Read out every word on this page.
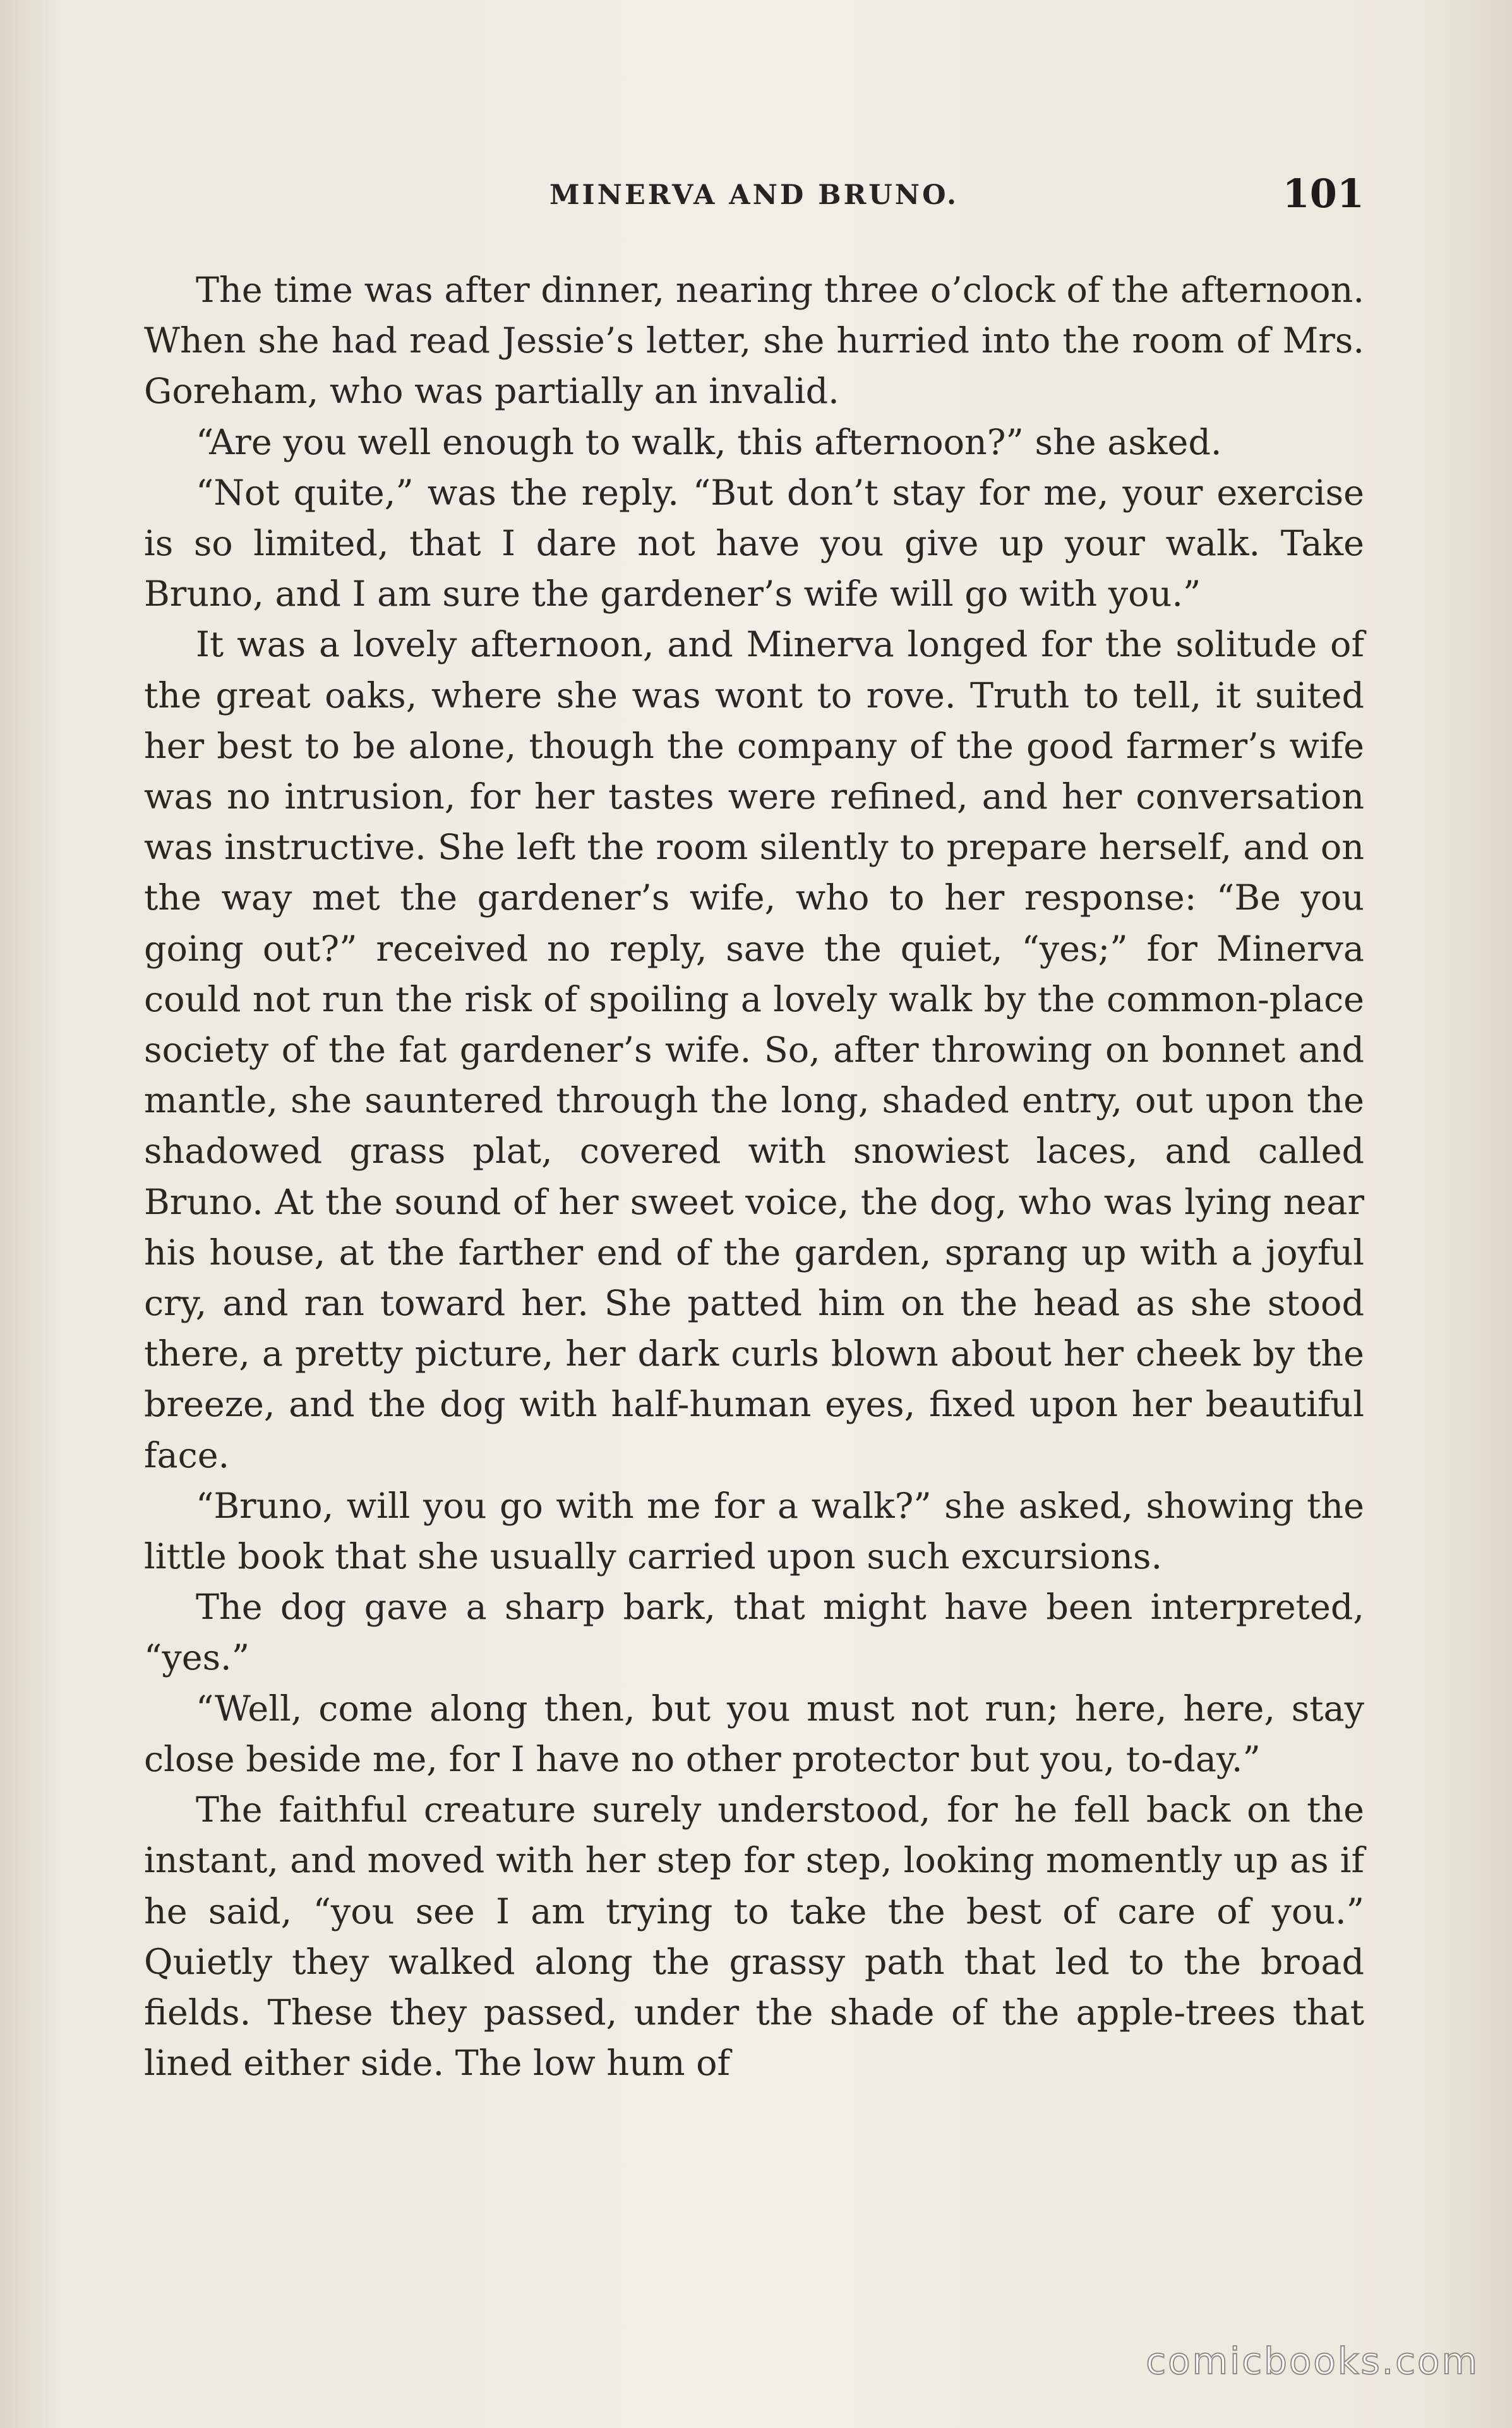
MINERVA AND BRUNO.	101

The time was after dinner, nearing three o’clock of the afternoon. When she had read Jessie’s letter, she hurried into the room of Mrs. Goreham, who was partially an invalid.

“Are you well enough to walk, this afternoon?” she asked.

“Not quite,” was the reply. “But don’t stay for me, your exercise is so limited, that I dare not have you give up your walk. Take Bruno, and I am sure the gardener’s wife will go with you.”

It was a lovely afternoon, and Minerva longed for the solitude of the great oaks, where she was wont to rove. Truth to tell, it suited her best to be alone, though the company of the good farmer’s wife was no intrusion, for her tastes were refined, and her conversation was instructive. She left the room silently to prepare herself, and on the way met the gardener’s wife, who to her response: “Be you going out?” received no reply, save the quiet, “yes;” for Minerva could not run the risk of spoiling a lovely walk by the common-place society of the fat gardener’s wife. So, after throwing on bonnet and mantle, she sauntered through the long, shaded entry, out upon the shadowed grass plat, covered with snowiest laces, and called Bruno. At the sound of her sweet voice, the dog, who was lying near his house, at the farther end of the garden, sprang up with a joyful cry, and ran toward her. She patted him on the head as she stood there, a pretty picture, her dark curls blown about her cheek by the breeze, and the dog with half-human eyes, fixed upon her beautiful face.

“Bruno, will you go with me for a walk?” she asked, showing the little book that she usually carried upon such excursions.

The dog gave a sharp bark, that might have been interpreted, “yes.”

“Well, come along then, but you must not run; here, here, stay close beside me, for I have no other protector but you, to-day.”

The faithful creature surely understood, for he fell back on the instant, and moved with her step for step, looking momently up as if he said, “you see I am trying to take the best of care of you.” Quietly they walked along the grassy path that led to the broad fields. These they passed, under the shade of the apple-trees that lined either side. The low hum of

comicbooks.com
